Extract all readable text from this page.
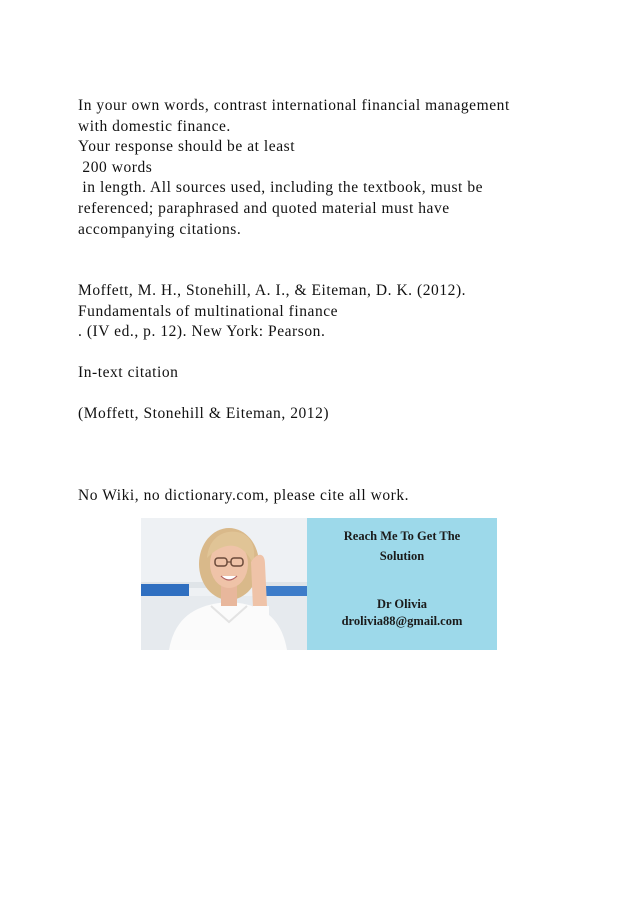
In your own words, contrast international financial management
with domestic finance.
Your response should be at least
200 words
in length. All sources used, including the textbook, must be
referenced; paraphrased and quoted material must have
accompanying citations.
Moffett, M. H., Stonehill, A. I., & Eiteman, D. K. (2012).
Fundamentals of multinational finance
. (IV ed., p. 12). New York: Pearson.
In-text citation
(Moffett, Stonehill & Eiteman, 2012)
No Wiki, no dictionary.com, please cite all work.
Reach Me To Get The
Solution
Dr Olivia
drolivia88@gmail.com
